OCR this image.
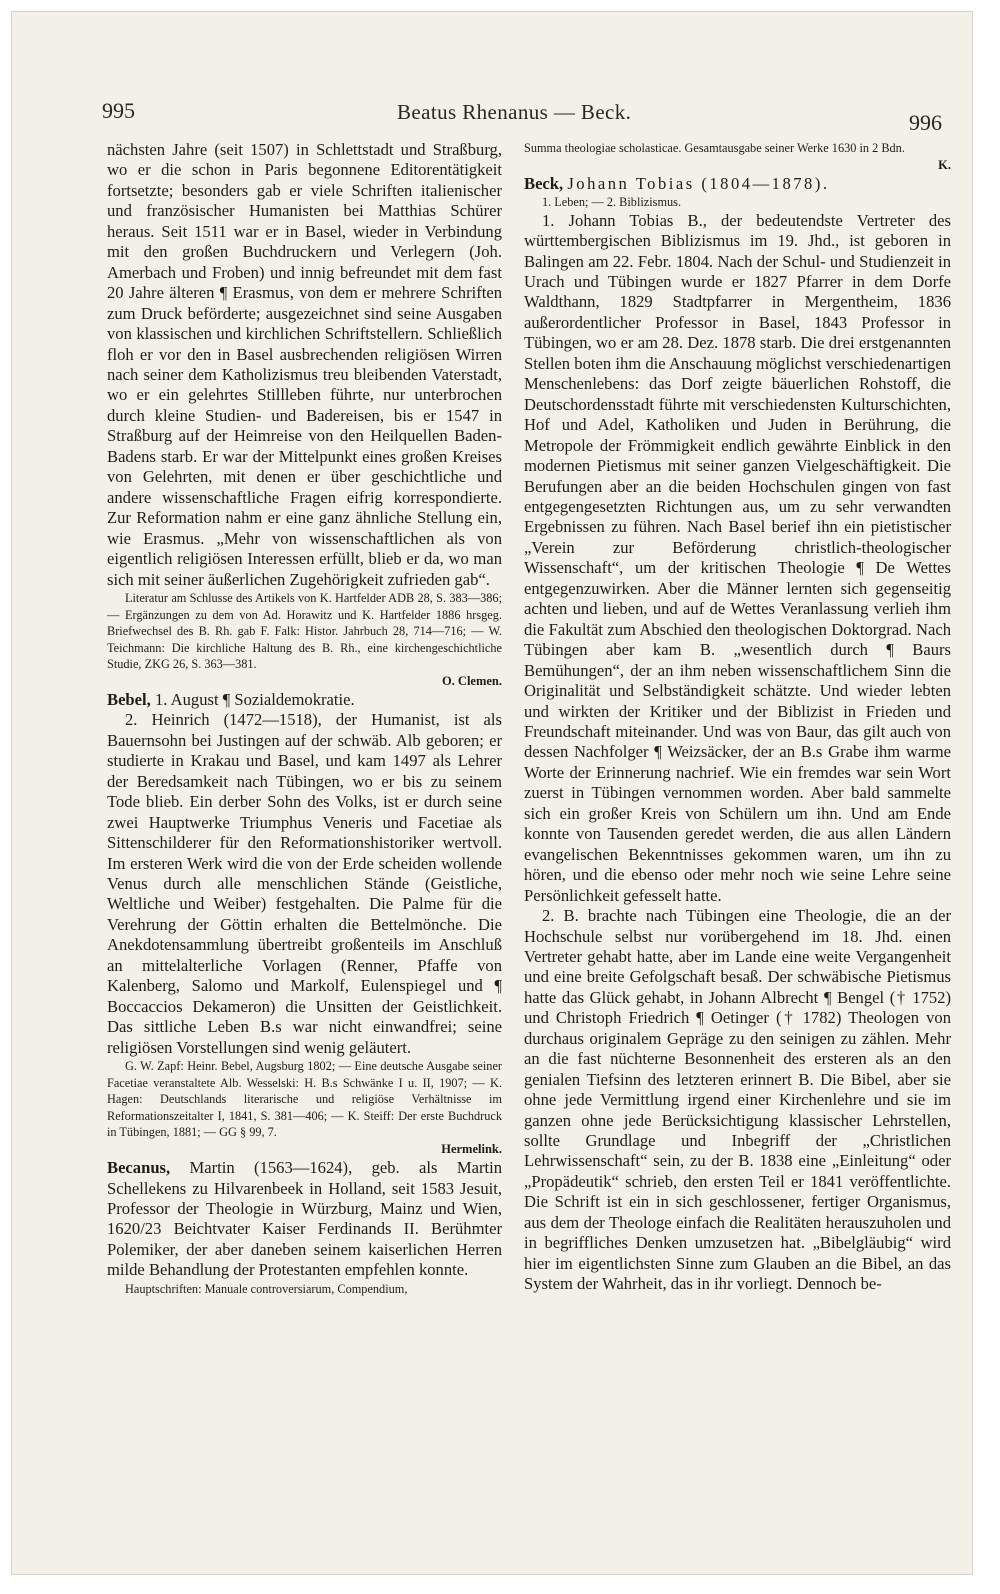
995	Beatus Rhenanus — Beck.	996

nächsten Jahre (seit 1507) in Schlettstadt und Straßburg, wo er die schon in Paris begonnene Editorentätigkeit fortsetzte; besonders gab er viele Schriften italienischer und französischer Humanisten bei Matthias Schürer heraus. Seit 1511 war er in Basel, wieder in Verbindung mit den großen Buchdruckern und Verlegern (Joh. Amerbach und Froben) und innig befreundet mit dem fast 20 Jahre älteren ¶ Erasmus, von dem er mehrere Schriften zum Druck beförderte; ausgezeichnet sind seine Ausgaben von klassischen und kirchlichen Schriftstellern. Schließlich floh er vor den in Basel ausbrechenden religiösen Wirren nach seiner dem Katholizismus treu bleibenden Vaterstadt, wo er ein gelehrtes Stillleben führte, nur unterbrochen durch kleine Studien- und Badereisen, bis er 1547 in Straßburg auf der Heimreise von den Heilquellen Baden-Badens starb. Er war der Mittelpunkt eines großen Kreises von Gelehrten, mit denen er über geschichtliche und andere wissenschaftliche Fragen eifrig korrespondierte. Zur Reformation nahm er eine ganz ähnliche Stellung ein, wie Erasmus. „Mehr von wissenschaftlichen als von eigentlich religiösen Interessen erfüllt, blieb er da, wo man sich mit seiner äußerlichen Zugehörigkeit zufrieden gab“.

Literatur am Schlusse des Artikels von K. Hartfelder ADB 28, S. 383—386; — Ergänzungen zu dem von Ad. Horawitz und K. Hartfelder 1886 hrsgeg. Briefwechsel des B. Rh. gab F. Falk: Histor. Jahrbuch 28, 714—716; — W. Teichmann: Die kirchliche Haltung des B. Rh., eine kirchengeschichtliche Studie, ZKG 26, S. 363—381.

O. Clemen.

Bebel, 1. August ¶ Sozialdemokratie.

2. Heinrich (1472—1518), der Humanist, ist als Bauernsohn bei Justingen auf der schwäb. Alb geboren; er studierte in Krakau und Basel, und kam 1497 als Lehrer der Beredsamkeit nach Tübingen, wo er bis zu seinem Tode blieb. Ein derber Sohn des Volks, ist er durch seine zwei Hauptwerke Triumphus Veneris und Facetiae als Sittenschilderer für den Reformationshistoriker wertvoll. Im ersteren Werk wird die von der Erde scheiden wollende Venus durch alle menschlichen Stände (Geistliche, Weltliche und Weiber) festgehalten. Die Palme für die Verehrung der Göttin erhalten die Bettelmönche. Die Anekdotensammlung übertreibt großenteils im Anschluß an mittelalterliche Vorlagen (Renner, Pfaffe von Kalenberg, Salomo und Markolf, Eulenspiegel und ¶ Boccaccios Dekameron) die Unsitten der Geistlichkeit. Das sittliche Leben B.s war nicht einwandfrei; seine religiösen Vorstellungen sind wenig geläutert.

G. W. Zapf: Heinr. Bebel, Augsburg 1802; — Eine deutsche Ausgabe seiner Facetiae veranstaltete Alb. Wesselski: H. B.s Schwänke I u. II, 1907; — K. Hagen: Deutschlands literarische und religiöse Verhältnisse im Reformationszeitalter I, 1841, S. 381—406; — K. Steiff: Der erste Buchdruck in Tübingen, 1881; — GG § 99, 7.

Hermelink.

Becanus, Martin (1563—1624), geb. als Martin Schellekens zu Hilvarenbeek in Holland, seit 1583 Jesuit, Professor der Theologie in Würzburg, Mainz und Wien, 1620/23 Beichtvater Kaiser Ferdinands II. Berühmter Polemiker, der aber daneben seinem kaiserlichen Herren milde Behandlung der Protestanten empfehlen konnte.

Hauptschriften: Manuale controversiarum, Compendium,

Summa theologiae scholasticae. Gesamtausgabe seiner Werke 1630 in 2 Bdn.

K.

Beck, Johann Tobias (1804—1878).

1. Leben; — 2. Biblizismus.

1. Johann Tobias B., der bedeutendste Vertreter des württembergischen Biblizismus im 19. Jhd., ist geboren in Balingen am 22. Febr. 1804. Nach der Schul- und Studienzeit in Urach und Tübingen wurde er 1827 Pfarrer in dem Dorfe Waldthann, 1829 Stadtpfarrer in Mergentheim, 1836 außerordentlicher Professor in Basel, 1843 Professor in Tübingen, wo er am 28. Dez. 1878 starb. Die drei erstgenannten Stellen boten ihm die Anschauung möglichst verschiedenartigen Menschenlebens: das Dorf zeigte bäuerlichen Rohstoff, die Deutschordensstadt führte mit verschiedensten Kulturschichten, Hof und Adel, Katholiken und Juden in Berührung, die Metropole der Frömmigkeit endlich gewährte Einblick in den modernen Pietismus mit seiner ganzen Vielgeschäftigkeit. Die Berufungen aber an die beiden Hochschulen gingen von fast entgegengesetzten Richtungen aus, um zu sehr verwandten Ergebnissen zu führen. Nach Basel berief ihn ein pietistischer „Verein zur Beförderung christlich-theologischer Wissenschaft“, um der kritischen Theologie ¶ De Wettes entgegenzuwirken. Aber die Männer lernten sich gegenseitig achten und lieben, und auf de Wettes Veranlassung verlieh ihm die Fakultät zum Abschied den theologischen Doktorgrad. Nach Tübingen aber kam B. „wesentlich durch ¶ Baurs Bemühungen“, der an ihm neben wissenschaftlichem Sinn die Originalität und Selbständigkeit schätzte. Und wieder lebten und wirkten der Kritiker und der Biblizist in Frieden und Freundschaft miteinander. Und was von Baur, das gilt auch von dessen Nachfolger ¶ Weizsäcker, der an B.s Grabe ihm warme Worte der Erinnerung nachrief. Wie ein fremdes war sein Wort zuerst in Tübingen vernommen worden. Aber bald sammelte sich ein großer Kreis von Schülern um ihn. Und am Ende konnte von Tausenden geredet werden, die aus allen Ländern evangelischen Bekenntnisses gekommen waren, um ihn zu hören, und die ebenso oder mehr noch wie seine Lehre seine Persönlichkeit gefesselt hatte.

2. B. brachte nach Tübingen eine Theologie, die an der Hochschule selbst nur vorübergehend im 18. Jhd. einen Vertreter gehabt hatte, aber im Lande eine weite Vergangenheit und eine breite Gefolgschaft besaß. Der schwäbische Pietismus hatte das Glück gehabt, in Johann Albrecht ¶ Bengel († 1752) und Christoph Friedrich ¶ Oetinger († 1782) Theologen von durchaus originalem Gepräge zu den seinigen zu zählen. Mehr an die fast nüchterne Besonnenheit des ersteren als an den genialen Tiefsinn des letzteren erinnert B. Die Bibel, aber sie ohne jede Vermittlung irgend einer Kirchenlehre und sie im ganzen ohne jede Berücksichtigung klassischer Lehrstellen, sollte Grundlage und Inbegriff der „Christlichen Lehrwissenschaft“ sein, zu der B. 1838 eine „Einleitung“ oder „Propädeutik“ schrieb, den ersten Teil er 1841 veröffentlichte. Die Schrift ist ein in sich geschlossener, fertiger Organismus, aus dem der Theologe einfach die Realitäten herauszuholen und in begriffliches Denken umzusetzen hat. „Bibelgläubig“ wird hier im eigentlichsten Sinne zum Glauben an die Bibel, an das System der Wahrheit, das in ihr vorliegt. Dennoch be-
